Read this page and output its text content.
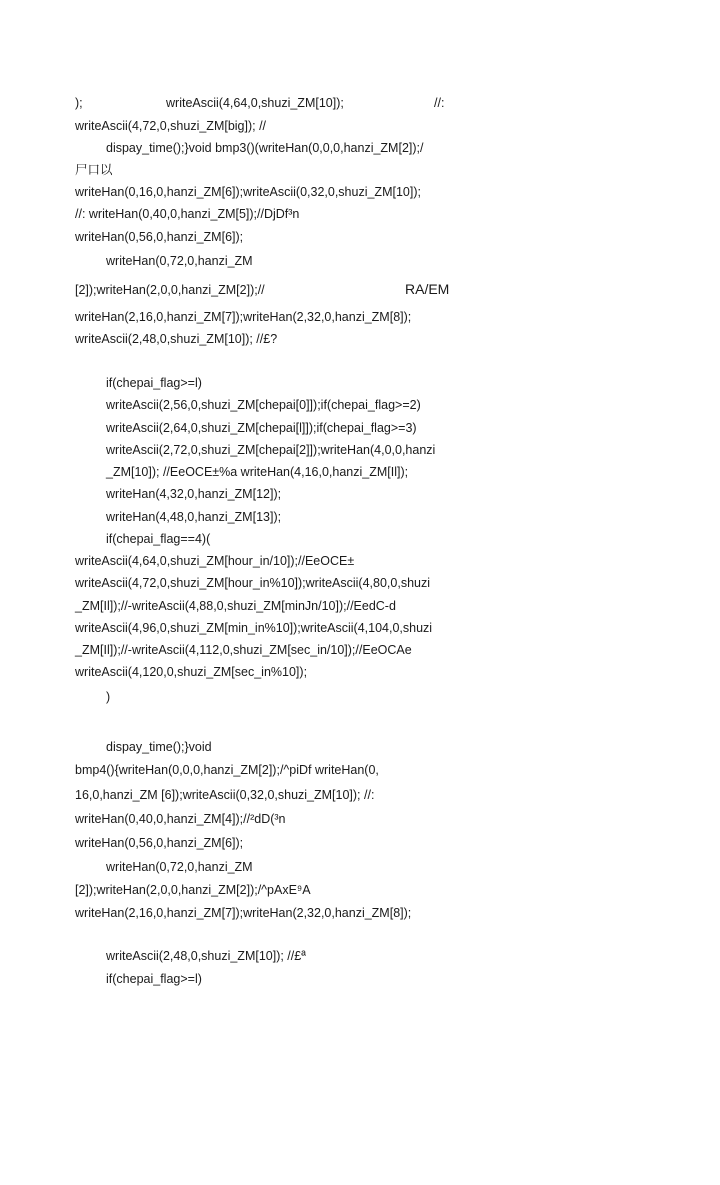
);	writeAscii(4,64,0,shuzi_ZM[10]);	//:
writeAscii(4,72,0,shuzi_ZM[big]); //
dispay_time();}void bmp3()(writeHan(0,0,0,hanzi_ZM[2]);/
尸口以
writeHan(0,16,0,hanzi_ZM[6]);writeAscii(0,32,0,shuzi_ZM[10]);
//: writeHan(0,40,0,hanzi_ZM[5]);//DjDf³n
writeHan(0,56,0,hanzi_ZM[6]);
writeHan(0,72,0,hanzi_ZM
[2]);writeHan(2,0,0,hanzi_ZM[2]);//	RA/EM
writeHan(2,16,0,hanzi_ZM[7]);writeHan(2,32,0,hanzi_ZM[8]);
writeAscii(2,48,0,shuzi_ZM[10]); //£?
if(chepai_flag>=l)
writeAscii(2,56,0,shuzi_ZM[chepai[0]]);if(chepai_flag>=2)
writeAscii(2,64,0,shuzi_ZM[chepai[l]]);if(chepai_flag>=3)
writeAscii(2,72,0,shuzi_ZM[chepai[2]]);writeHan(4,0,0,hanzi
_ZM[10]); //EeOCE±%a writeHan(4,16,0,hanzi_ZM[Il]);
writeHan(4,32,0,hanzi_ZM[12]);
writeHan(4,48,0,hanzi_ZM[13]);
if(chepai_flag==4)(
writeAscii(4,64,0,shuzi_ZM[hour_in/10]);//EeOCE±
writeAscii(4,72,0,shuzi_ZM[hour_in%10]);writeAscii(4,80,0,shuzi
_ZM[Il]);//-writeAscii(4,88,0,shuzi_ZM[minJn/10]);//EedC-d
writeAscii(4,96,0,shuzi_ZM[min_in%10]);writeAscii(4,104,0,shuzi
_ZM[Il]);//-writeAscii(4,112,0,shuzi_ZM[sec_in/10]);//EeOCAe
writeAscii(4,120,0,shuzi_ZM[sec_in%10]);
)
dispay_time();}void
bmp4(){writeHan(0,0,0,hanzi_ZM[2]);/^piDf writeHan(0,
16,0,hanzi_ZM [6]);writeAscii(0,32,0,shuzi_ZM[10]); //:
writeHan(0,40,0,hanzi_ZM[4]);//²dD(³n
writeHan(0,56,0,hanzi_ZM[6]);
writeHan(0,72,0,hanzi_ZM
[2]);writeHan(2,0,0,hanzi_ZM[2]);/^pAxE⁹A
writeHan(2,16,0,hanzi_ZM[7]);writeHan(2,32,0,hanzi_ZM[8]);
writeAscii(2,48,0,shuzi_ZM[10]); //£ª
if(chepai_flag>=l)
